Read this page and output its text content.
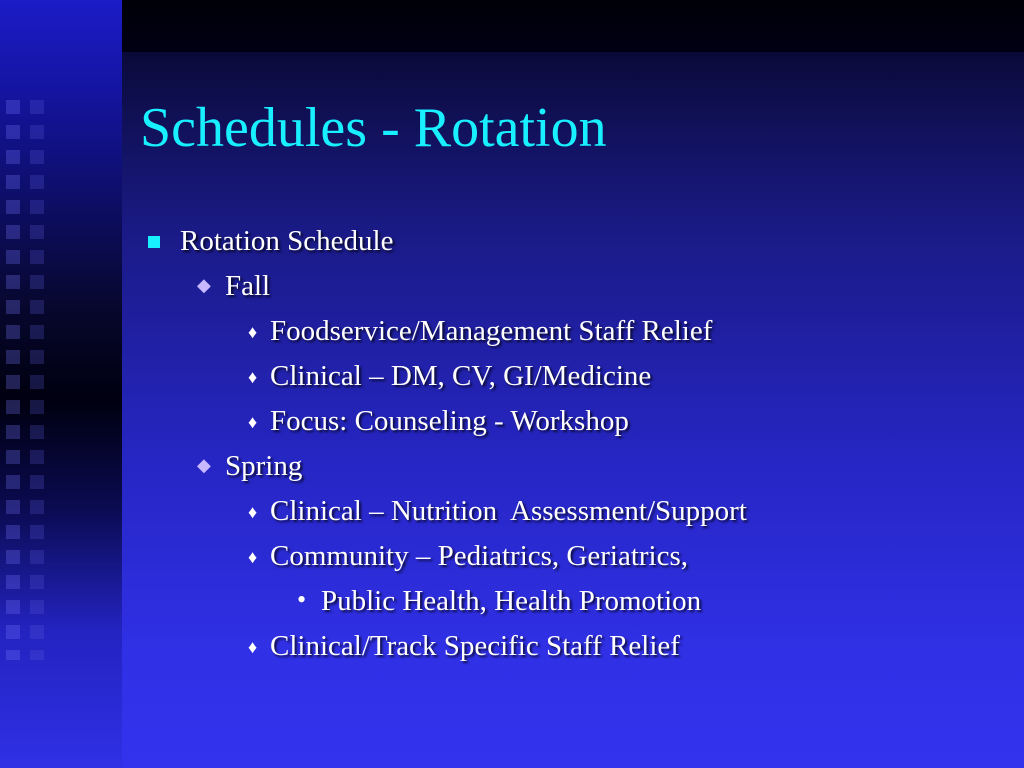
Schedules - Rotation
Rotation Schedule
◆ Fall
♦ Foodservice/Management Staff Relief
♦ Clinical – DM, CV, GI/Medicine
♦ Focus: Counseling - Workshop
◆ Spring
♦ Clinical – Nutrition  Assessment/Support
♦ Community – Pediatrics, Geriatrics,
• Public Health, Health Promotion
♦ Clinical/Track Specific Staff Relief
